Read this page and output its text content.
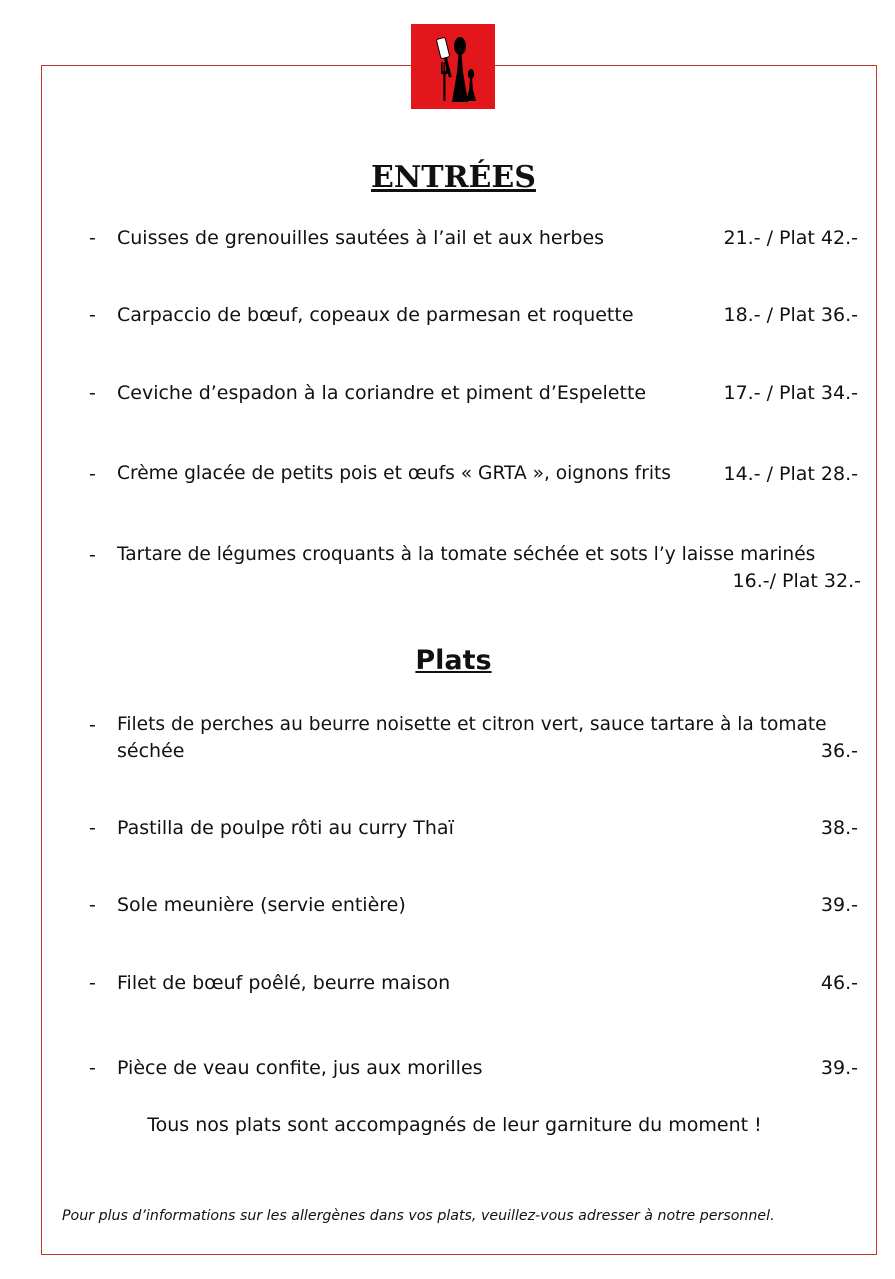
ENTRÉES
- Cuisses de grenouilles sautées à l’ail et aux herbes	21.- / Plat 42.-
- Carpaccio de bœuf, copeaux de parmesan et roquette	18.- / Plat 36.-
- Ceviche d’espadon à la coriandre et piment d’Espelette	17.- / Plat 34.-
- Crème glacée de petits pois et œufs « GRTA », oignons frits	14.- / Plat 28.-
- Tartare de légumes croquants à la tomate séchée et sots l’y laisse marinés
16.-/ Plat 32.-
Plats
- Filets de perches au beurre noisette et citron vert, sauce tartare à la tomate
séchée	36.-
- Pastilla de poulpe rôti au curry Thaï	38.-
- Sole meunière (servie entière)	39.-
- Filet de bœuf poêlé, beurre maison	46.-
- Pièce de veau confite, jus aux morilles	39.-
Tous nos plats sont accompagnés de leur garniture du moment !
Pour plus d’informations sur les allergènes dans vos plats, veuillez-vous adresser à notre personnel.
